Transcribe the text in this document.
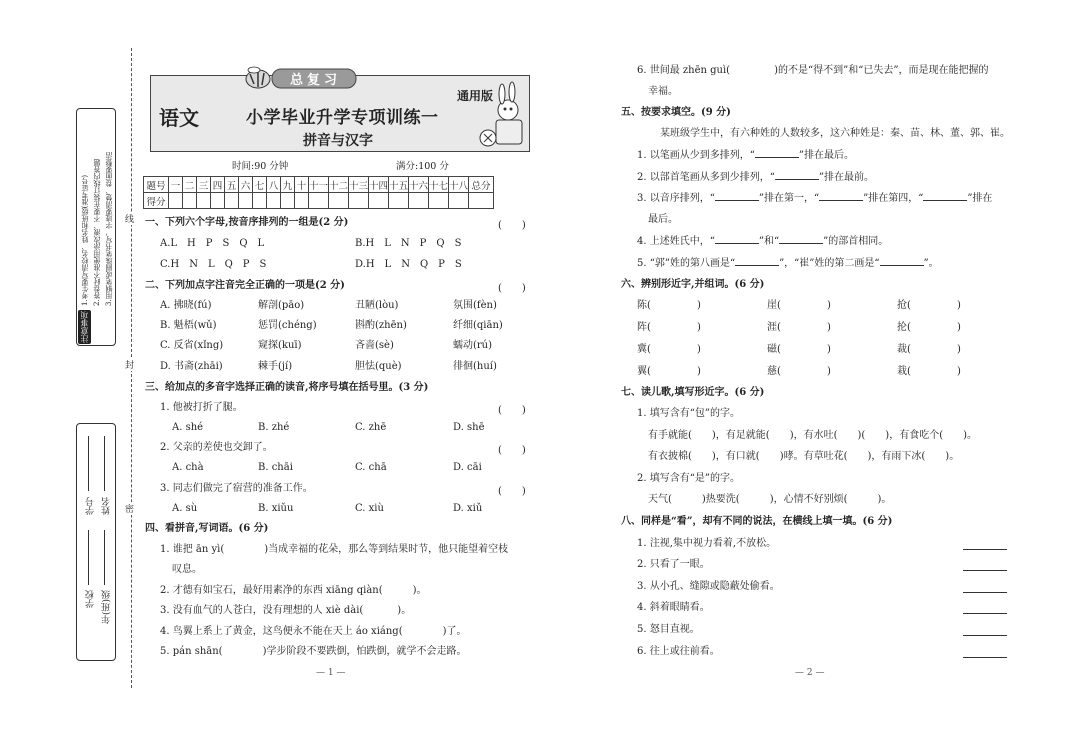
注意事项
1.考生要写清校名、姓名和班级(准考证号) 2.答卷时不准使用涂改液、不要在装订线内答题 3.用钢笔或圆珠笔书写，字迹要清楚、卷面要整洁
学校 年(班)级
学号 姓名
线
封
密
总复习
语文	小学毕业升学专项训练一
拼音与汉字
通用版
时间:90 分钟	满分:100 分
题号	一	二	三	四	五	六	七	八	九	十	十一	十二	十三	十四	十五	十六	十七	十八	总分
得分																			
一、下列六个字母,按音序排列的一组是(2 分)	(　　)
A.L　H　P　S　Q　L	B.H　L　N　P　Q　S
C.H　N　L　Q　P　S	D.H　L　N　Q　P　S
二、下列加点字注音完全正确的一项是(2 分)	(　　)
A. 拂晓(fú)	解剖(pāo)	丑陋(lòu)	氛围(fèn)
B. 魁梧(wǔ)	惩罚(chéng)	斟酌(zhēn)	纤细(qiān)
C. 反省(xǐng)	窥探(kuī)	吝啬(sè)	蠕动(rú)
D. 书斋(zhāi)	棘手(jí)	胆怯(què)	徘徊(huí)
三、给加点的多音字选择正确的读音,将序号填在括号里。(3 分)
1. 他被打折了腿。	(　　)
A. shé	B. zhé	C. zhē	D. shē
2. 父亲的差使也交卸了。	(　　)
A. chà	B. chāi	C. chā	D. cāi
3. 同志们做完了宿营的准备工作。	(　　)
A. sù	B. xiǔu	C. xiù	D. xiǔ
四、看拼音,写词语。(6 分)
1. 谁把 ān yì(	)当成幸福的花朵，那么等到结果时节，他只能望着空枝
叹息。
2. 才德有如宝石，最好用素净的东西 xiāng qiàn(	)。
3. 没有血气的人苍白，没有理想的人 xiè dài(	)。
4. 鸟翼上系上了黄金，这鸟便永不能在天上 áo xiáng(	)了。
5. pán shān(	)学步阶段不要跌倒，怕跌倒，就学不会走路。
— 1 —
6. 世间最 zhēn guì(	)的不是“得不到”和“已失去”，而是现在能把握的
幸福。
五、按要求填空。(9 分)
某班级学生中，有六种姓的人数较多，这六种姓是：秦、苗、林、董、郭、崔。
1. 以笔画从少到多排列，“	”排在最后。
2. 以部首笔画从多到少排列，“	”排在最前。
3. 以音序排列，“	”排在第一，“	”排在第四，“	”排在
最后。
4. 上述姓氏中，“	”和“	”的部首相同。
5. “郭”姓的第八画是“	”，“崔”姓的第二画是“	”。
六、辨别形近字,并组词。(6 分)
陈(	)	崖(	)	抢(	)
阵(	)	涯(	)	抡(	)
冀(	)	磁(	)	裁(	)
翼(	)	慈(	)	栽(	)
七、读儿歌,填写形近字。(6 分)
1. 填写含有“包”的字。
有手就能(　　)，有足就能(　　)，有水吐(　　)(　　)，有食吃个(　　)。
有衣披棉(　　)，有口就(　　)哮。有草吐花(　　)，有雨下冰(　　)。
2. 填写含有“是”的字。
天气(　　　)热要洗(　　　)，心情不好别烦(　　　)。
八、同样是“看”，却有不同的说法，在横线上填一填。(6 分)
1. 注视,集中视力看着,不放松。
2. 只看了一眼。
3. 从小孔、缝隙或隐蔽处偷看。
4. 斜着眼睛看。
5. 怒目直视。
6. 往上或往前看。
— 2 —
